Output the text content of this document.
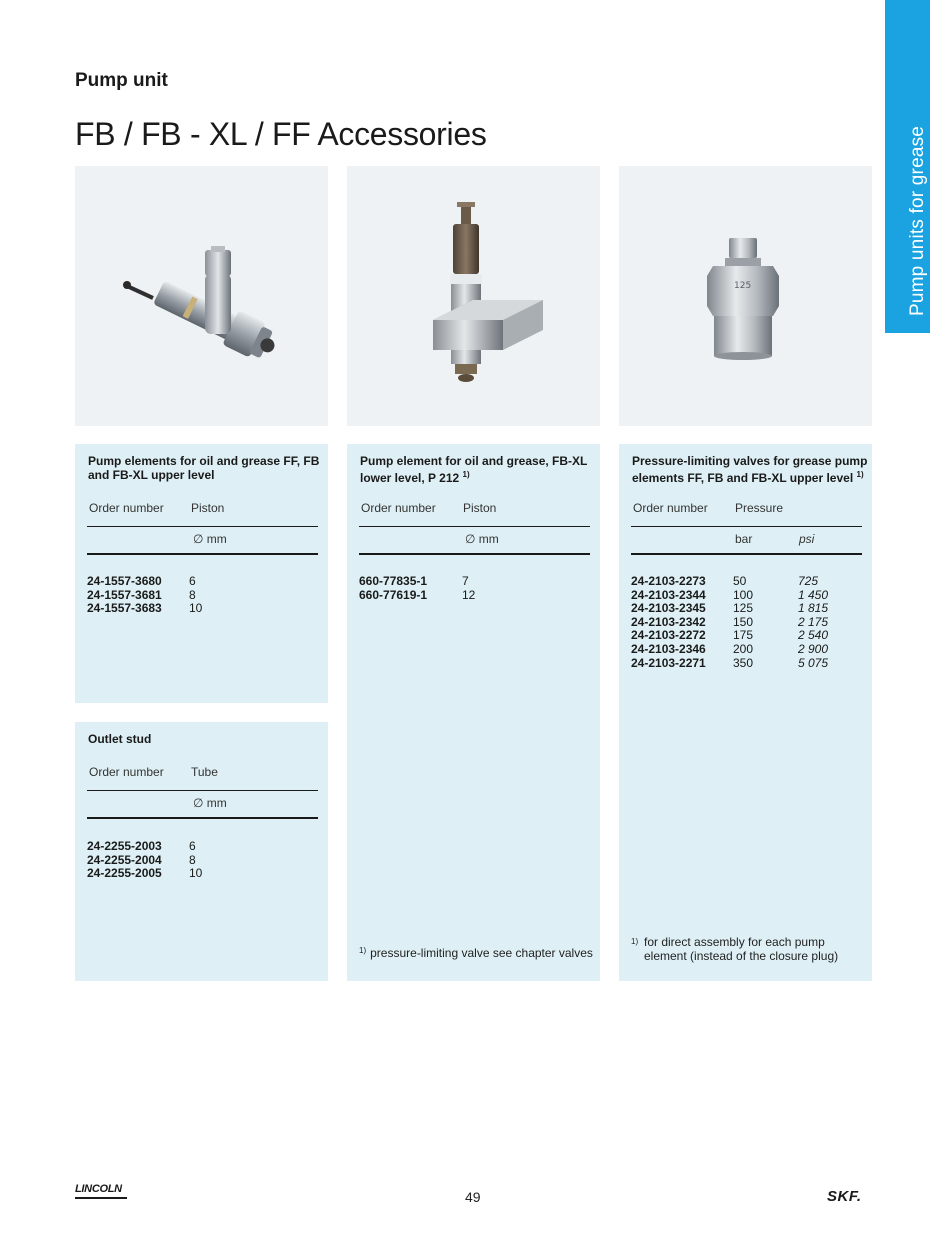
Pump units for grease
Pump unit
FB / FB - XL / FF Accessories
125
Pump elements for oil and grease FF, FB and FB-XL upper level
Order number Piston
∅ mm
24-1557-3680 6
24-1557-3681 8
24-1557-3683 10
Outlet stud
Order number Tube
∅ mm
24-2255-2003 6
24-2255-2004 8
24-2255-2005 10
Pump element for oil and grease, FB-XL lower level, P 212 $^{1)}$
Order number Piston
∅ mm
660-77835-1	7
660-77619-1	12
$^{1)}$ pressure-limiting valve see chapter valves
Pressure-limiting valves for grease pump elements FF, FB and FB-XL upper level $^{1)}$
Order number Pressure
bar	psi
24-2103-2273 50	725
24-2103-2344 100	1 450
24-2103-2345 125	1 815
24-2103-2342 150	2 175
24-2103-2272 175	2 540
24-2103-2346 200	2 900
24-2103-2271 350	5 075
1) for direct assembly for each pump element (instead of the closure plug)
LINCOLN	49	SKF.
